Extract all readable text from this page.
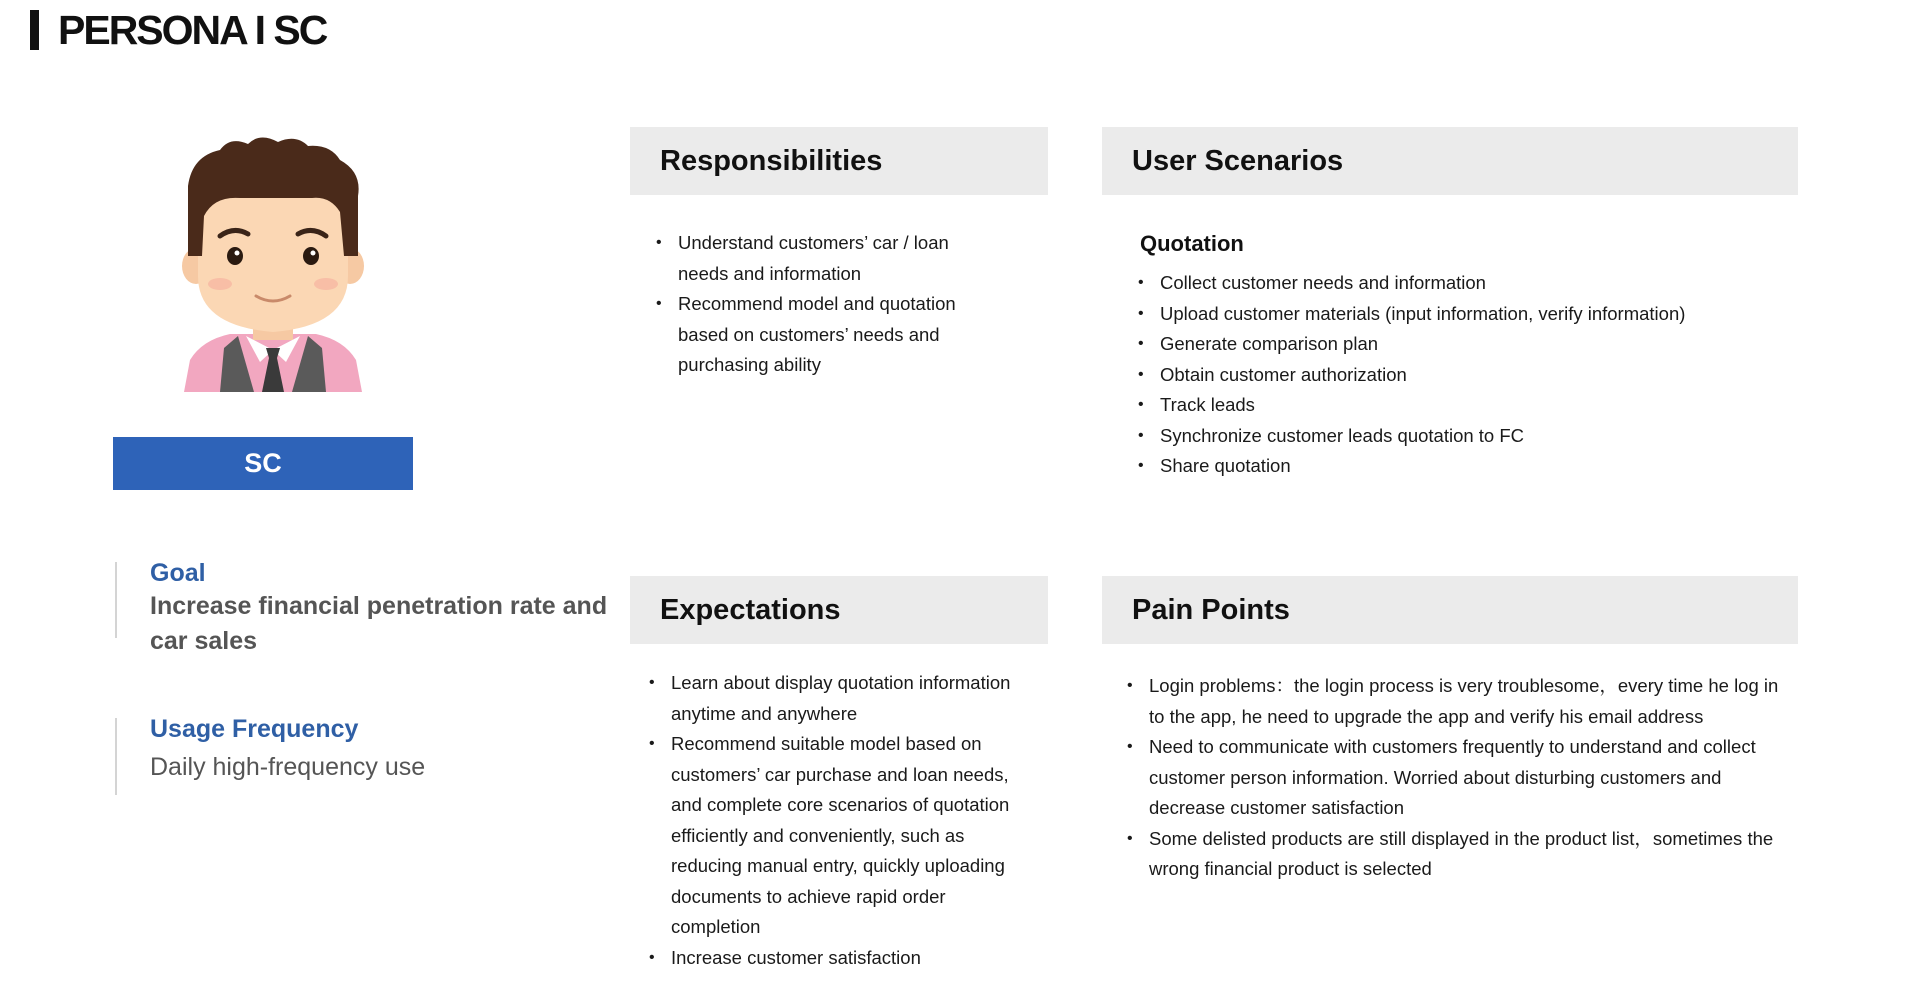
PERSONA I SC
SC
Goal
Increase financial penetration rate and car sales
Usage Frequency
Daily high-frequency use
Responsibilities
• Understand customers’ car / loan needs and information
• Recommend model and quotation based on customers’ needs and purchasing ability
User Scenarios
Quotation
• Collect customer needs and information
• Upload customer materials (input information, verify information)
• Generate comparison plan
• Obtain customer authorization
• Track leads
• Synchronize customer leads quotation to FC
• Share quotation
Expectations
• Learn about display quotation information anytime and anywhere
• Recommend suitable model based on customers’ car purchase and loan needs, and complete core scenarios of quotation efficiently and conveniently, such as reducing manual entry, quickly uploading documents to achieve rapid order completion
• Increase customer satisfaction
Pain Points
• Login problems：the login process is very troublesome，every time he log in to the app, he need to upgrade the app and verify his email address
• Need to communicate with customers frequently to understand and collect customer person information. Worried about disturbing customers and decrease customer satisfaction
• Some delisted products are still displayed in the product list，sometimes the wrong financial product is selected
